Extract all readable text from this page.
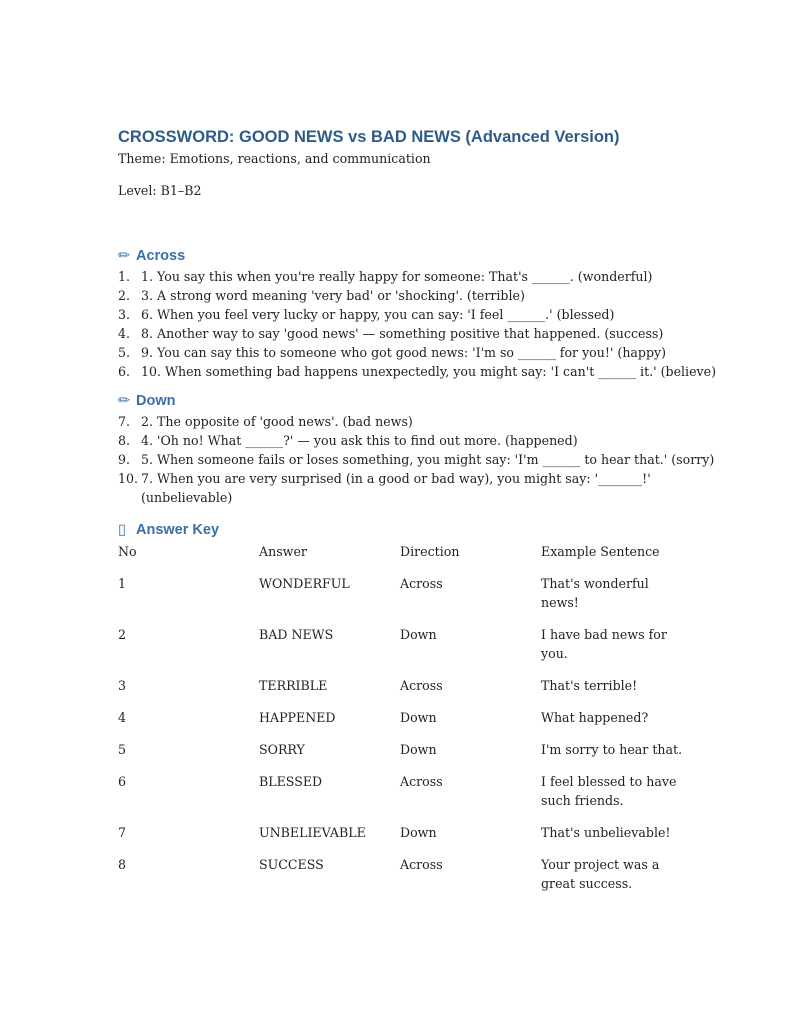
CROSSWORD: GOOD NEWS vs BAD NEWS (Advanced Version)

Theme: Emotions, reactions, and communication

Level: B1–B2

✏ Across
1. 1. You say this when you're really happy for someone: That's ______. (wonderful)
2. 3. A strong word meaning 'very bad' or 'shocking'. (terrible)
3. 6. When you feel very lucky or happy, you can say: 'I feel ______.' (blessed)
4. 8. Another way to say 'good news' — something positive that happened. (success)
5. 9. You can say this to someone who got good news: 'I'm so ______ for you!' (happy)
6. 10. When something bad happens unexpectedly, you might say: 'I can't ______ it.' (believe)
✏ Down
7. 2. The opposite of 'good news'. (bad news)
8. 4. 'Oh no! What ______?' — you ask this to find out more. (happened)
9. 5. When someone fails or loses something, you might say: 'I'm ______ to hear that.' (sorry)
10. 7. When you are very surprised (in a good or bad way), you might say: '_______!' (unbelievable)
▯ Answer Key
No	Answer	Direction	Example Sentence
1	WONDERFUL	Across	That's wonderful news!
2	BAD NEWS	Down	I have bad news for you.
3	TERRIBLE	Across	That's terrible!
4	HAPPENED	Down	What happened?
5	SORRY	Down	I'm sorry to hear that.
6	BLESSED	Across	I feel blessed to have such friends.
7	UNBELIEVABLE	Down	That's unbelievable!
8	SUCCESS	Across	Your project was a great success.
